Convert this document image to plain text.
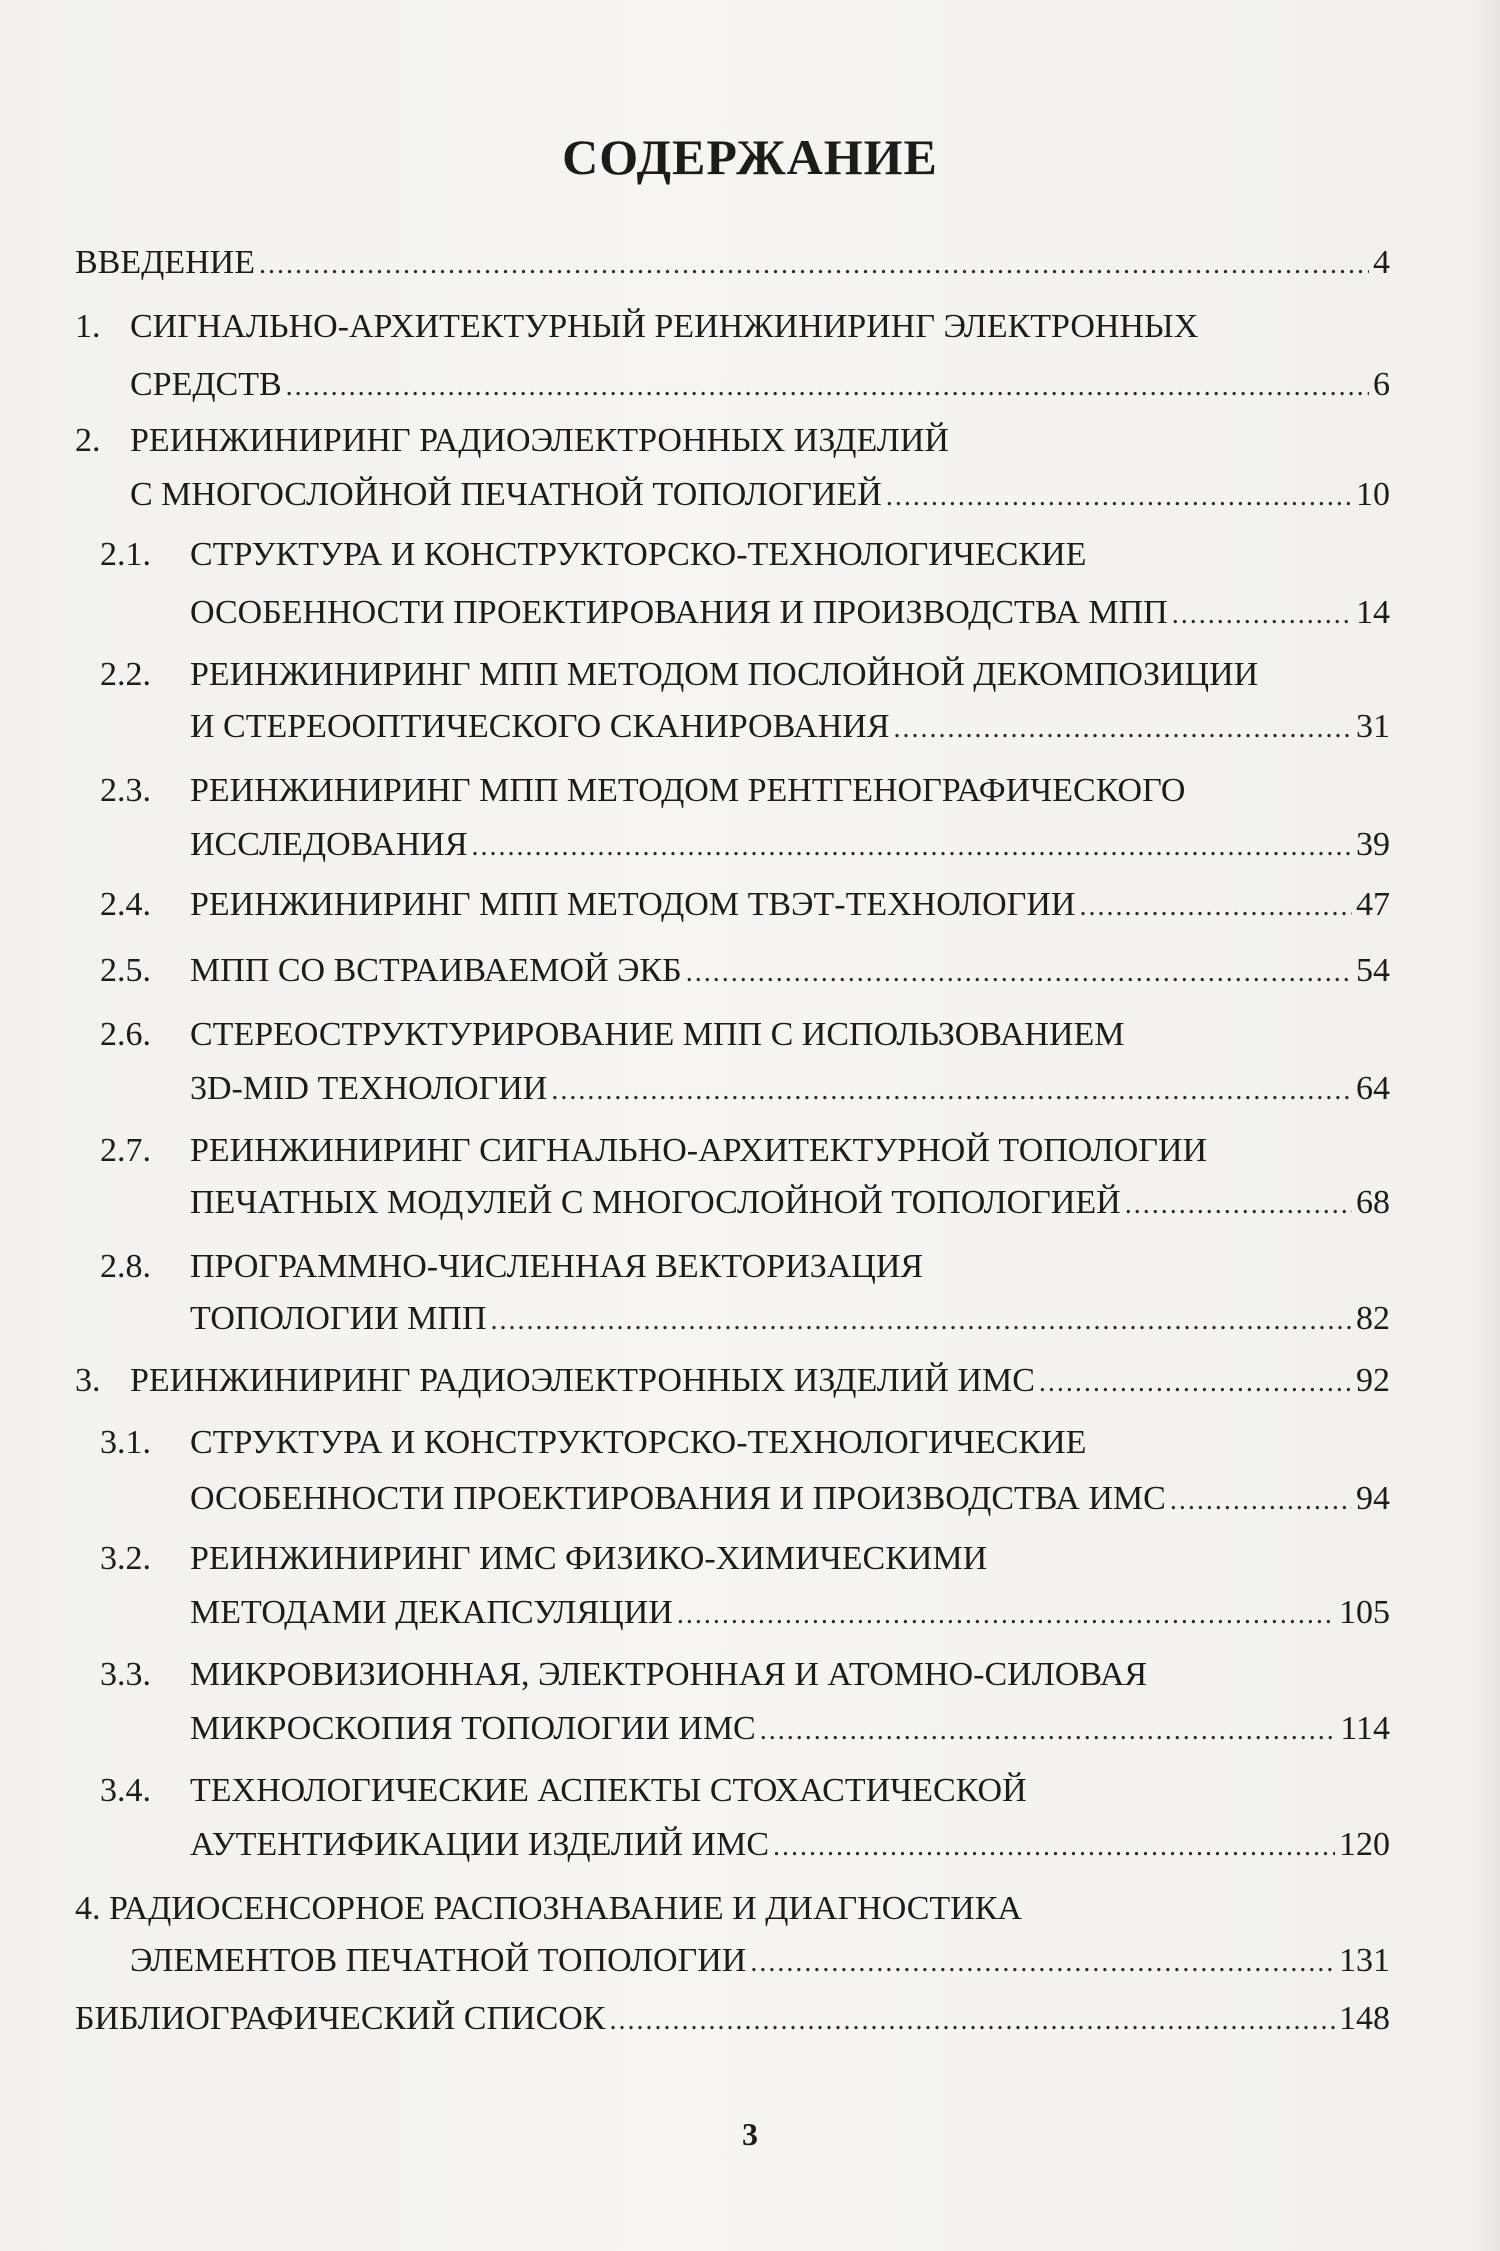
СОДЕРЖАНИЕ
ВВЕДЕНИЕ .....	4
1. СИГНАЛЬНО-АРХИТЕКТУРНЫЙ РЕИНЖИНИРИНГ ЭЛЕКТРОННЫХ
СРЕДСТВ .....	6
2. РЕИНЖИНИРИНГ РАДИОЭЛЕКТРОННЫХ ИЗДЕЛИЙ
С МНОГОСЛОЙНОЙ ПЕЧАТНОЙ ТОПОЛОГИЕЙ .....	10
2.1.	СТРУКТУРА И КОНСТРУКТОРСКО-ТЕХНОЛОГИЧЕСКИЕ
ОСОБЕННОСТИ ПРОЕКТИРОВАНИЯ И ПРОИЗВОДСТВА МПП .....	14
2.2.	РЕИНЖИНИРИНГ МПП МЕТОДОМ ПОСЛОЙНОЙ ДЕКОМПОЗИЦИИ
И СТЕРЕООПТИЧЕСКОГО СКАНИРОВАНИЯ .....	31
2.3.	РЕИНЖИНИРИНГ МПП МЕТОДОМ РЕНТГЕНОГРАФИЧЕСКОГО
ИССЛЕДОВАНИЯ .....	39
2.4.	РЕИНЖИНИРИНГ МПП МЕТОДОМ ТВЭТ-ТЕХНОЛОГИИ .....	47
2.5.	МПП СО ВСТРАИВАЕМОЙ ЭКБ .....	54
2.6.	СТЕРЕОСТРУКТУРИРОВАНИЕ МПП С ИСПОЛЬЗОВАНИЕМ
3D-MID ТЕХНОЛОГИИ .....	64
2.7.	РЕИНЖИНИРИНГ СИГНАЛЬНО-АРХИТЕКТУРНОЙ ТОПОЛОГИИ
ПЕЧАТНЫХ МОДУЛЕЙ С МНОГОСЛОЙНОЙ ТОПОЛОГИЕЙ .....	68
2.8.	ПРОГРАММНО-ЧИСЛЕННАЯ ВЕКТОРИЗАЦИЯ
ТОПОЛОГИИ МПП .....	82
3. РЕИНЖИНИРИНГ РАДИОЭЛЕКТРОННЫХ ИЗДЕЛИЙ ИМС .....	92
3.1.	СТРУКТУРА И КОНСТРУКТОРСКО-ТЕХНОЛОГИЧЕСКИЕ
ОСОБЕННОСТИ ПРОЕКТИРОВАНИЯ И ПРОИЗВОДСТВА ИМС .....	94
3.2.	РЕИНЖИНИРИНГ ИМС ФИЗИКО-ХИМИЧЕСКИМИ
МЕТОДАМИ ДЕКАПСУЛЯЦИИ .....	105
3.3.	МИКРОВИЗИОННАЯ, ЭЛЕКТРОННАЯ И АТОМНО-СИЛОВАЯ
МИКРОСКОПИЯ ТОПОЛОГИИ ИМС .....	114
3.4.	ТЕХНОЛОГИЧЕСКИЕ АСПЕКТЫ СТОХАСТИЧЕСКОЙ
АУТЕНТИФИКАЦИИ ИЗДЕЛИЙ ИМС .....	120
4. РАДИОСЕНСОРНОЕ РАСПОЗНАВАНИЕ И ДИАГНОСТИКА
ЭЛЕМЕНТОВ ПЕЧАТНОЙ ТОПОЛОГИИ .....	131
БИБЛИОГРАФИЧЕСКИЙ СПИСОК .....	148
3
